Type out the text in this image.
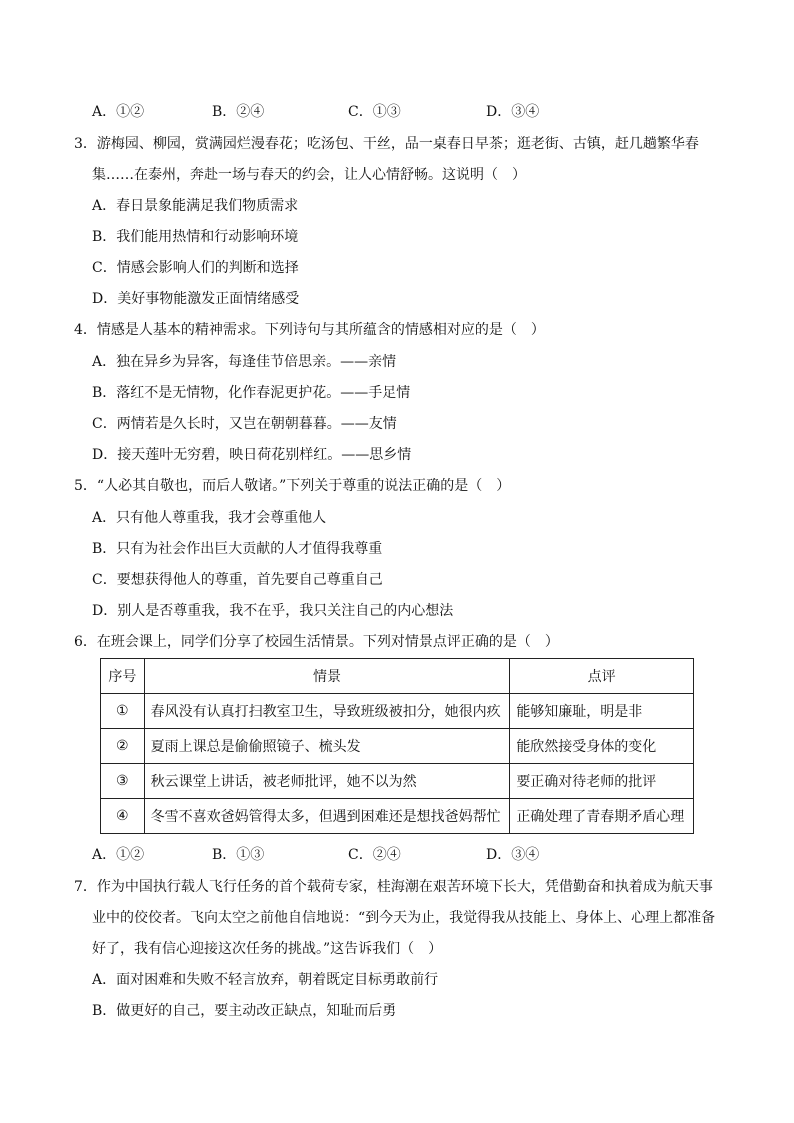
A．①②	B．②④	C．①③	D．③④
3．游梅园、柳园，赏满园烂漫春花；吃汤包、干丝，品一桌春日早茶；逛老街、古镇，赶几趟繁华春
集……在泰州，奔赴一场与春天的约会，让人心情舒畅。这说明（　）
A．春日景象能满足我们物质需求
B．我们能用热情和行动影响环境
C．情感会影响人们的判断和选择
D．美好事物能激发正面情绪感受
4．情感是人基本的精神需求。下列诗句与其所蕴含的情感相对应的是（　）
A．独在异乡为异客，每逢佳节倍思亲。——亲情
B．落红不是无情物，化作春泥更护花。——手足情
C．两情若是久长时，又岂在朝朝暮暮。——友情
D．接天莲叶无穷碧，映日荷花别样红。——思乡情
5．“人必其自敬也，而后人敬诸。”下列关于尊重的说法正确的是（　）
A．只有他人尊重我，我才会尊重他人
B．只有为社会作出巨大贡献的人才值得我尊重
C．要想获得他人的尊重，首先要自己尊重自己
D．别人是否尊重我，我不在乎，我只关注自己的内心想法
6．在班会课上，同学们分享了校园生活情景。下列对情景点评正确的是（　）
序号	情景	点评
①	春风没有认真打扫教室卫生，导致班级被扣分，她很内疚	能够知廉耻，明是非
②	夏雨上课总是偷偷照镜子、梳头发	能欣然接受身体的变化
③	秋云课堂上讲话，被老师批评，她不以为然	要正确对待老师的批评
④	冬雪不喜欢爸妈管得太多，但遇到困难还是想找爸妈帮忙	正确处理了青春期矛盾心理
A．①②	B．①③	C．②④	D．③④
7．作为中国执行载人飞行任务的首个载荷专家，桂海潮在艰苦环境下长大，凭借勤奋和执着成为航天事
业中的佼佼者。飞向太空之前他自信地说：“到今天为止，我觉得我从技能上、身体上、心理上都准备
好了，我有信心迎接这次任务的挑战。”这告诉我们（　）
A．面对困难和失败不轻言放弃，朝着既定目标勇敢前行
B．做更好的自己，要主动改正缺点，知耻而后勇
